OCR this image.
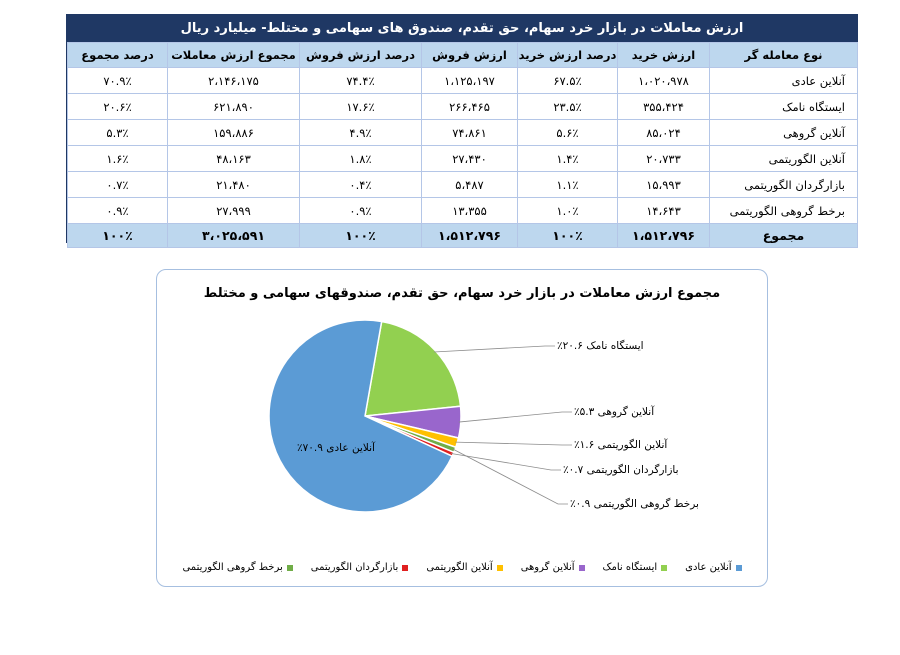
ارزش معاملات در بازار خرد سهام، حق تقدم، صندوق های سهامی و مختلط- میلیارد ریال
نوع معامله گر	ارزش خرید	درصد ارزش خرید	ارزش فروش	درصد ارزش فروش	مجموع ارزش معاملات	درصد مجموع
آنلاین عادی	۱،۰۲۰،۹۷۸	۶۷.۵٪	۱،۱۲۵،۱۹۷	۷۴.۴٪	۲،۱۴۶،۱۷۵	۷۰.۹٪
ایستگاه نامک	۳۵۵،۴۲۴	۲۳.۵٪	۲۶۶،۴۶۵	۱۷.۶٪	۶۲۱،۸۹۰	۲۰.۶٪
آنلاین گروهی	۸۵،۰۲۴	۵.۶٪	۷۴،۸۶۱	۴.۹٪	۱۵۹،۸۸۶	۵.۳٪
آنلاین الگوریتمی	۲۰،۷۳۳	۱.۴٪	۲۷،۴۳۰	۱.۸٪	۴۸،۱۶۳	۱.۶٪
بازارگردان الگوریتمی	۱۵،۹۹۳	۱.۱٪	۵،۴۸۷	۰.۴٪	۲۱،۴۸۰	۰.۷٪
برخط گروهی الگوریتمی	۱۴،۶۴۳	۱.۰٪	۱۳،۳۵۵	۰.۹٪	۲۷،۹۹۹	۰.۹٪
مجموع	۱،۵۱۲،۷۹۶	۱۰۰٪	۱،۵۱۲،۷۹۶	۱۰۰٪	۳،۰۲۵،۵۹۱	۱۰۰٪
مجموع ارزش معاملات در بازار خرد سهام، حق تقدم، صندوقهای سهامی و مختلط
ایستگاه نامک ۲۰.۶٪
آنلاین گروهی ۵.۳٪
آنلاین الگوریتمی ۱.۶٪
بازارگردان الگوریتمی ۰.۷٪
برخط گروهی الگوریتمی ۰.۹٪
آنلاین عادی ۷۰.۹٪
آنلاین عادی
ایستگاه نامک
آنلاین گروهی
آنلاین الگوریتمی
بازارگردان الگوریتمی
برخط گروهی الگوریتمی
